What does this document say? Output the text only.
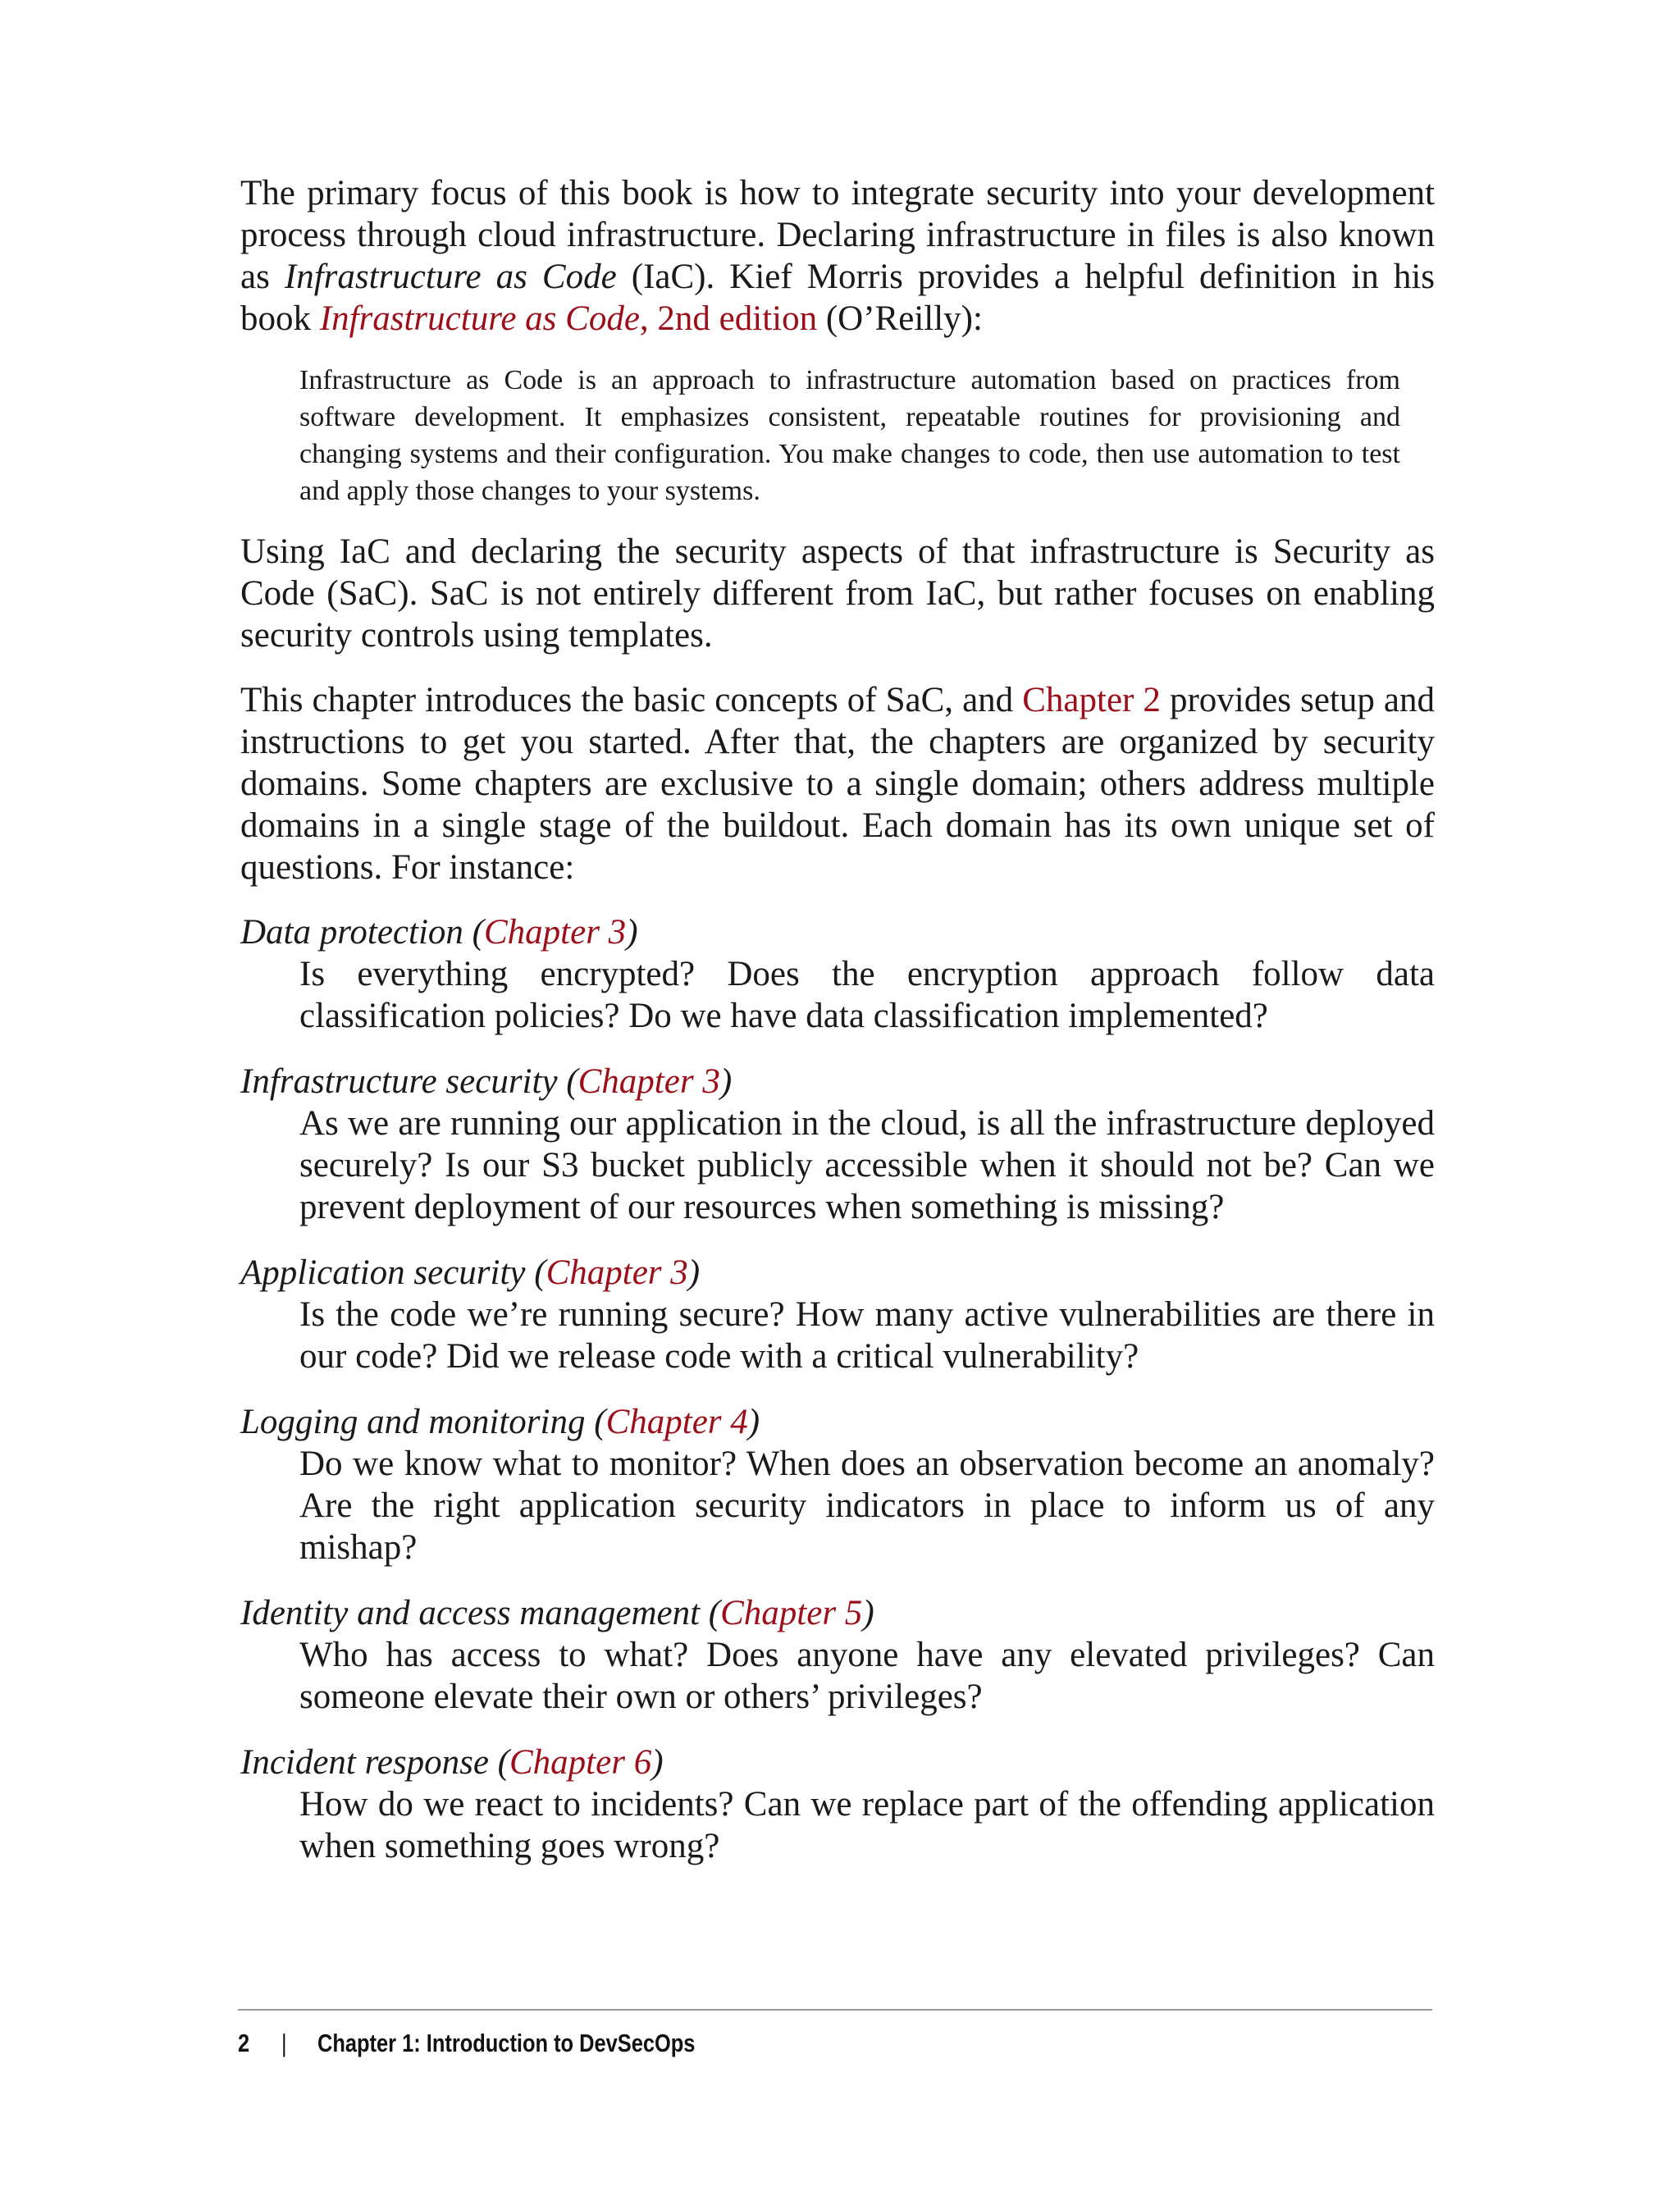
The primary focus of this book is how to integrate security into your development process through cloud infrastructure. Declaring infrastructure in files is also known as Infrastructure as Code (IaC). Kief Morris provides a helpful definition in his book Infrastructure as Code, 2nd edition (O’Reilly):

Infrastructure as Code is an approach to infrastructure automation based on practices from software development. It emphasizes consistent, repeatable routines for provisioning and changing systems and their configuration. You make changes to code, then use automation to test and apply those changes to your systems.

Using IaC and declaring the security aspects of that infrastructure is Security as Code (SaC). SaC is not entirely different from IaC, but rather focuses on enabling security controls using templates.

This chapter introduces the basic concepts of SaC, and Chapter 2 provides setup and instructions to get you started. After that, the chapters are organized by security domains. Some chapters are exclusive to a single domain; others address multiple domains in a single stage of the buildout. Each domain has its own unique set of questions. For instance:

Data protection (Chapter 3)
Is everything encrypted? Does the encryption approach follow data classification policies? Do we have data classification implemented?
Infrastructure security (Chapter 3)
As we are running our application in the cloud, is all the infrastructure deployed securely? Is our S3 bucket publicly accessible when it should not be? Can we prevent deployment of our resources when something is missing?
Application security (Chapter 3)
Is the code we’re running secure? How many active vulnerabilities are there in our code? Did we release code with a critical vulnerability?
Logging and monitoring (Chapter 4)
Do we know what to monitor? When does an observation become an anomaly? Are the right application security indicators in place to inform us of any mishap?
Identity and access management (Chapter 5)
Who has access to what? Does anyone have any elevated privileges? Can someone elevate their own or others’ privileges?
Incident response (Chapter 6)
How do we react to incidents? Can we replace part of the offending application when something goes wrong?
2 | Chapter 1: Introduction to DevSecOps
